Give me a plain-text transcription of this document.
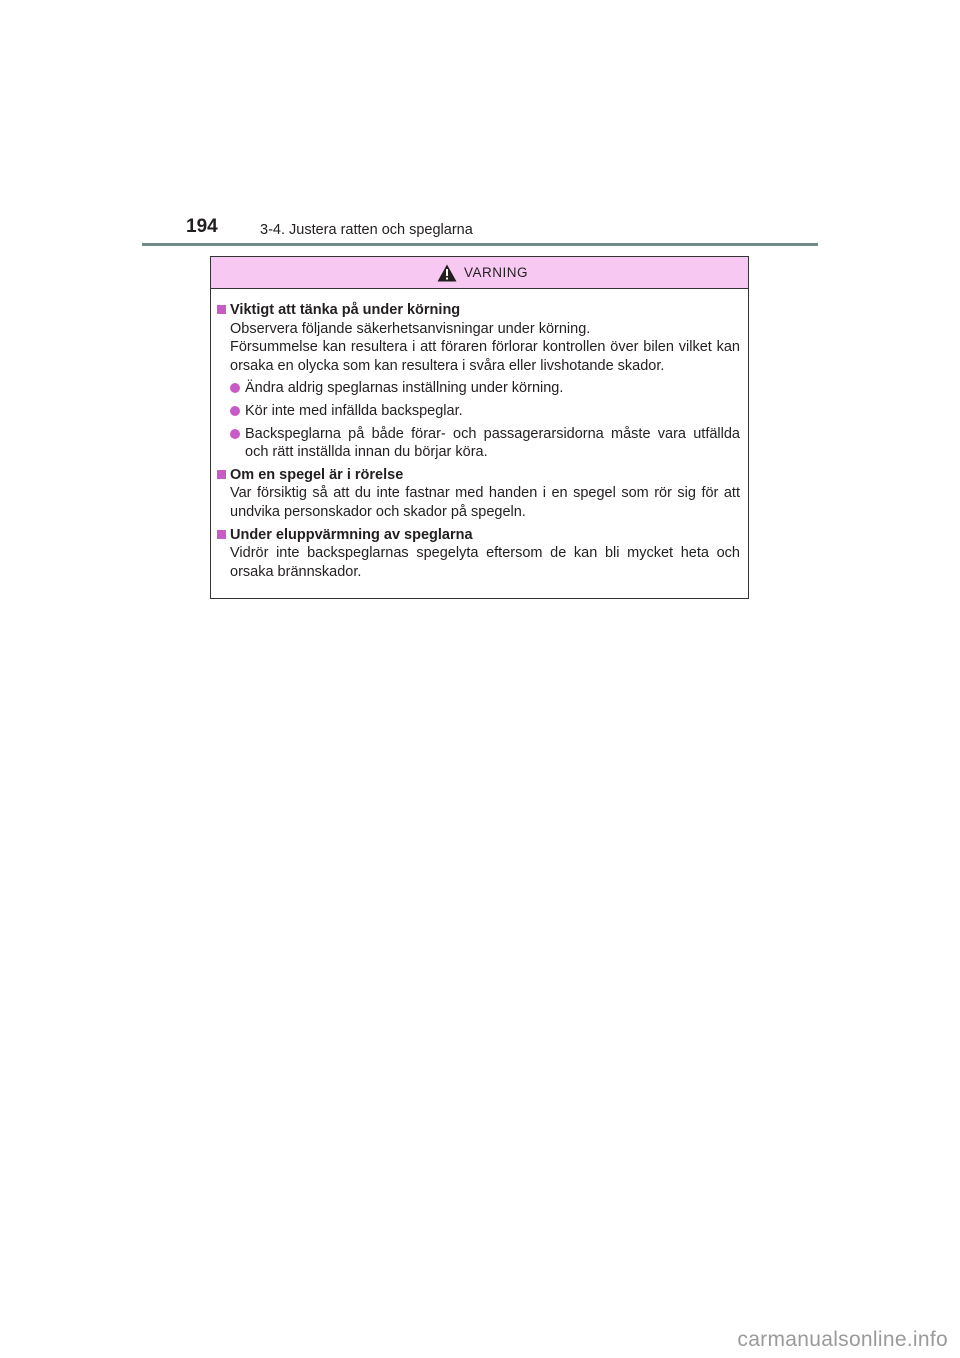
194	3-4. Justera ratten och speglarna
VARNING
Viktigt att tänka på under körning
Observera följande säkerhetsanvisningar under körning.
Försummelse kan resultera i att föraren förlorar kontrollen över bilen vilket kan orsaka en olycka som kan resultera i svåra eller livshotande skador.
Ändra aldrig speglarnas inställning under körning.
Kör inte med infällda backspeglar.
Backspeglarna på både förar- och passagerarsidorna måste vara utfällda och rätt inställda innan du börjar köra.
Om en spegel är i rörelse
Var försiktig så att du inte fastnar med handen i en spegel som rör sig för att undvika personskador och skador på spegeln.
Under eluppvärmning av speglarna
Vidrör inte backspeglarnas spegelyta eftersom de kan bli mycket heta och orsaka brännskador.
carmanualsonline.info
